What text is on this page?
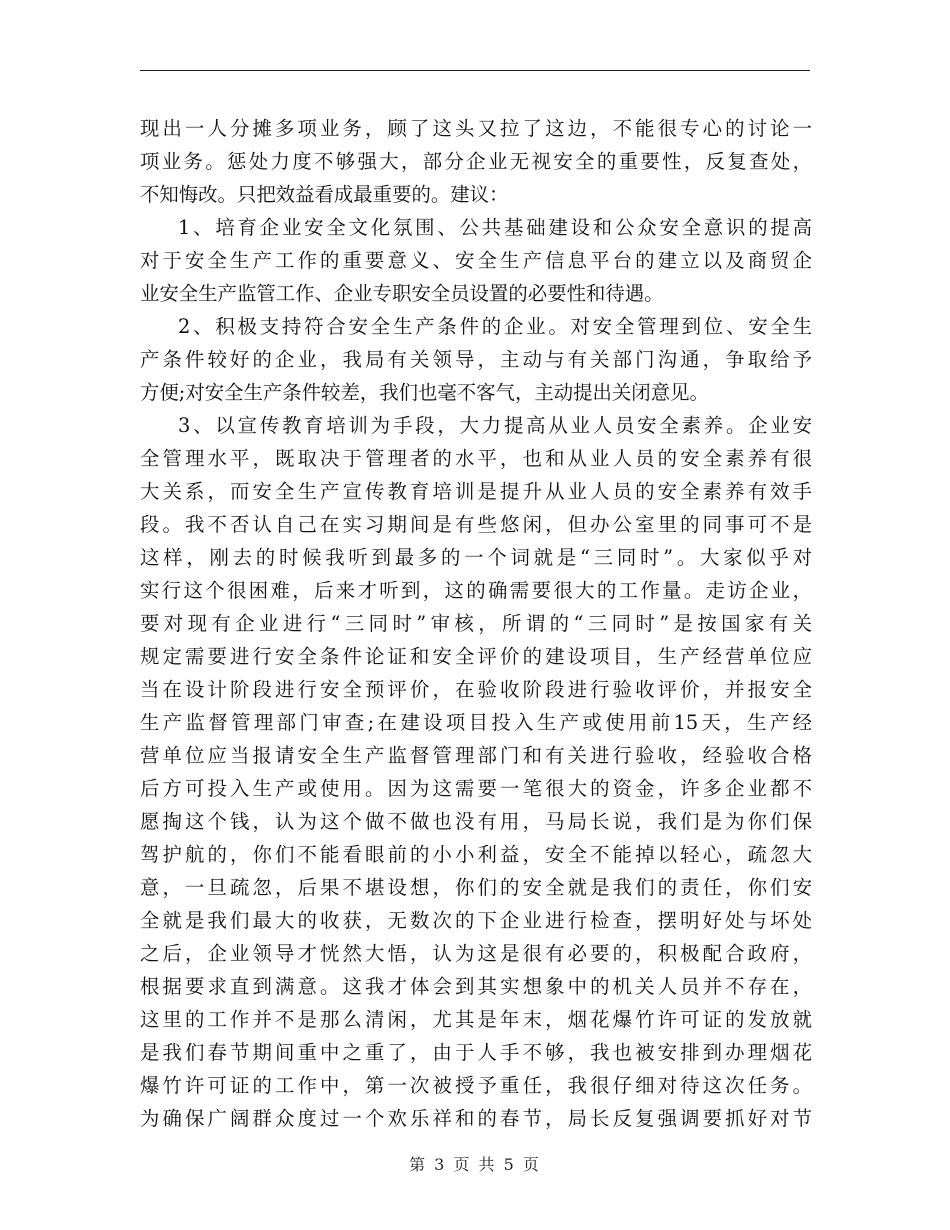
现出一人分摊多项业务，顾了这头又拉了这边，不能很专心的讨论一
项业务。惩处力度不够强大，部分企业无视安全的重要性，反复查处，
不知悔改。只把效益看成最重要的。建议：
1、培育企业安全文化氛围、公共基础建设和公众安全意识的提高
对于安全生产工作的重要意义、安全生产信息平台的建立以及商贸企
业安全生产监管工作、企业专职安全员设置的必要性和待遇。
2、积极支持符合安全生产条件的企业。对安全管理到位、安全生
产条件较好的企业，我局有关领导，主动与有关部门沟通，争取给予
方便;对安全生产条件较差，我们也毫不客气，主动提出关闭意见。
3、以宣传教育培训为手段，大力提高从业人员安全素养。企业安
全管理水平，既取决于管理者的水平，也和从业人员的安全素养有很
大关系，而安全生产宣传教育培训是提升从业人员的安全素养有效手
段。我不否认自己在实习期间是有些悠闲，但办公室里的同事可不是
这样，刚去的时候我听到最多的一个词就是“三同时”。大家似乎对
实行这个很困难，后来才听到，这的确需要很大的工作量。走访企业，
要对现有企业进行“三同时”审核，所谓的“三同时”是按国家有关
规定需要进行安全条件论证和安全评价的建设项目，生产经营单位应
当在设计阶段进行安全预评价，在验收阶段进行验收评价，并报安全
生产监督管理部门审查;在建设项目投入生产或使用前15天，生产经
营单位应当报请安全生产监督管理部门和有关进行验收，经验收合格
后方可投入生产或使用。因为这需要一笔很大的资金，许多企业都不
愿掏这个钱，认为这个做不做也没有用，马局长说，我们是为你们保
驾护航的，你们不能看眼前的小小利益，安全不能掉以轻心，疏忽大
意，一旦疏忽，后果不堪设想，你们的安全就是我们的责任，你们安
全就是我们最大的收获，无数次的下企业进行检查，摆明好处与坏处
之后，企业领导才恍然大悟，认为这是很有必要的，积极配合政府，
根据要求直到满意。这我才体会到其实想象中的机关人员并不存在，
这里的工作并不是那么清闲，尤其是年末，烟花爆竹许可证的发放就
是我们春节期间重中之重了，由于人手不够，我也被安排到办理烟花
爆竹许可证的工作中，第一次被授予重任，我很仔细对待这次任务。
为确保广阔群众度过一个欢乐祥和的春节，局长反复强调要抓好对节
第 3 页 共 5 页
